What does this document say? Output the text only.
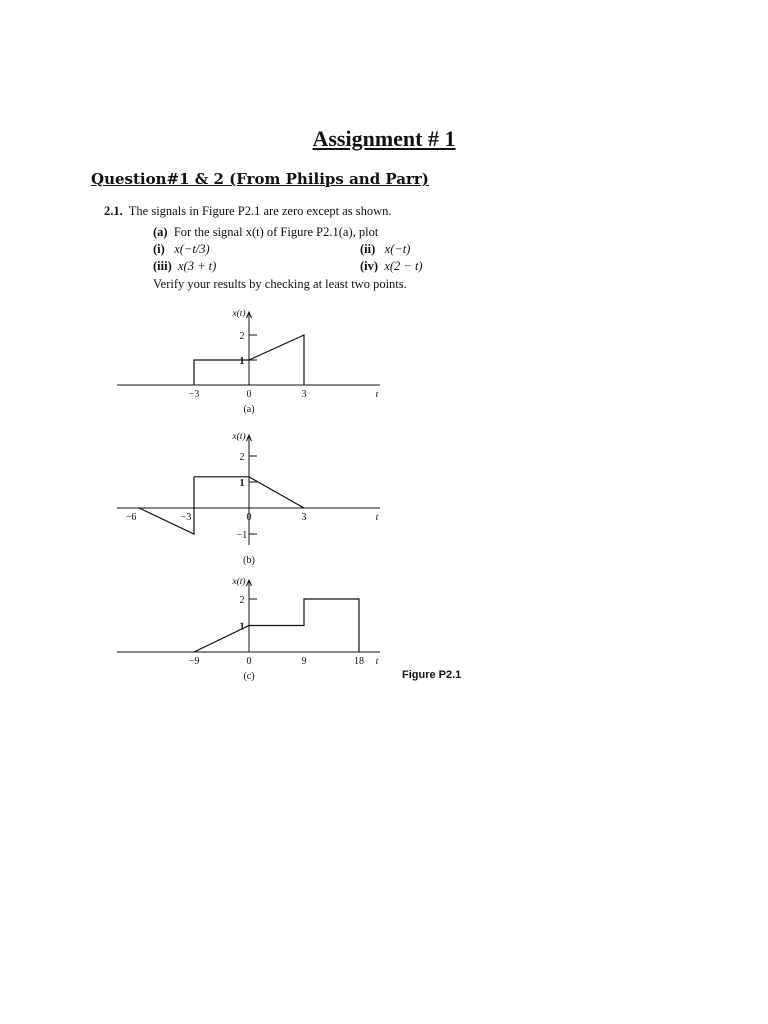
Assignment # 1
Question#1 & 2 (From Philips and Parr)
2.1. The signals in Figure P2.1 are zero except as shown.
(a) For the signal x(t) of Figure P2.1(a), plot
(i) x(−t/3)	(ii) x(−t)
(iii) x(3 + t)	(iv) x(2 − t)
Verify your results by checking at least two points.
x(t)
t
−3	0	3
1
2
(a)
x(t)
t
−6	−3	0	3
−1
1
2
(b)
x(t)
t
−9	0	9	18
1
2
(c)	Figure P2.1
